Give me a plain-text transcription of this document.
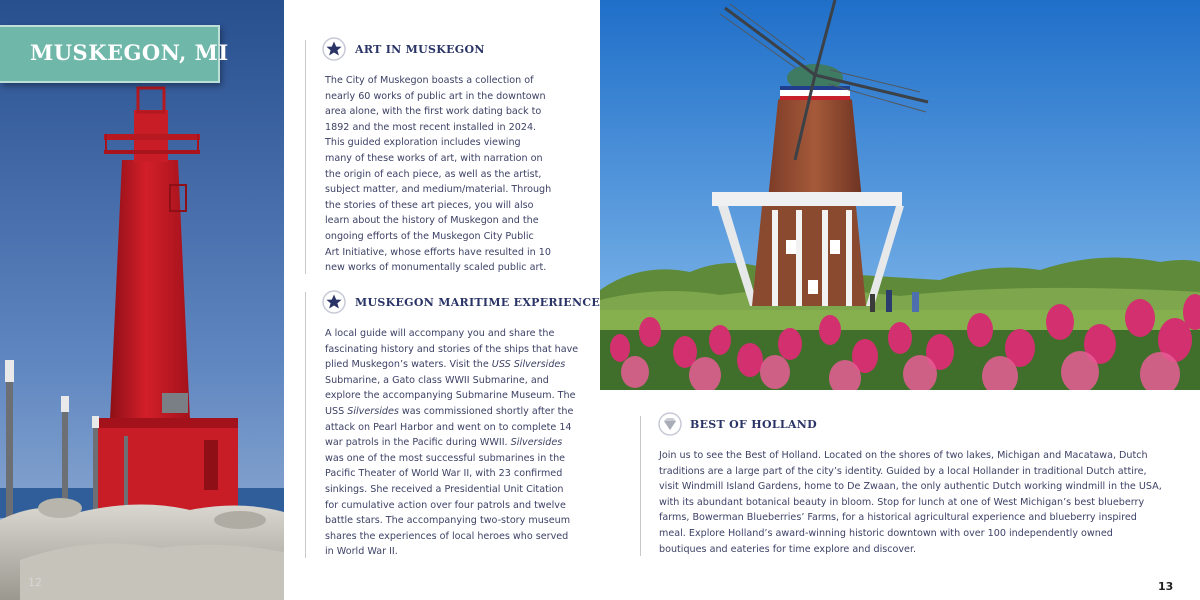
MUSKEGON, MI
12
ART IN MUSKEGON

The City of Muskegon boasts a collection of

nearly 60 works of public art in the downtown

area alone, with the first work dating back to

1892 and the most recent installed in 2024.

This guided exploration includes viewing

many of these works of art, with narration on

the origin of each piece, as well as the artist,

subject matter, and medium/material. Through

the stories of these art pieces, you will also

learn about the history of Muskegon and the

ongoing efforts of the Muskegon City Public

Art Initiative, whose efforts have resulted in 10

new works of monumentally scaled public art.

MUSKEGON MARITIME EXPERIENCE

A local guide will accompany you and share the

fascinating history and stories of the ships that have

plied Muskegon’s waters. Visit the USS Silversides

Submarine, a Gato class WWII Submarine, and

explore the accompanying Submarine Museum. The

USS Silversides was commissioned shortly after the

attack on Pearl Harbor and went on to complete 14

war patrols in the Pacific during WWII. Silversides

was one of the most successful submarines in the

Pacific Theater of World War II, with 23 confirmed

sinkings. She received a Presidential Unit Citation

for cumulative action over four patrols and twelve

battle stars. The accompanying two-story museum

shares the experiences of local heroes who served

in World War II.

BEST OF HOLLAND

Join us to see the Best of Holland. Located on the shores of two lakes, Michigan and Macatawa, Dutch

traditions are a large part of the city’s identity. Guided by a local Hollander in traditional Dutch attire,

visit Windmill Island Gardens, home to De Zwaan, the only authentic Dutch working windmill in the USA,

with its abundant botanical beauty in bloom. Stop for lunch at one of West Michigan’s best blueberry

farms, Bowerman Blueberries’ Farms, for a historical agricultural experience and blueberry inspired

meal. Explore Holland’s award-winning historic downtown with over 100 independently owned

boutiques and eateries for time explore and discover.

13
